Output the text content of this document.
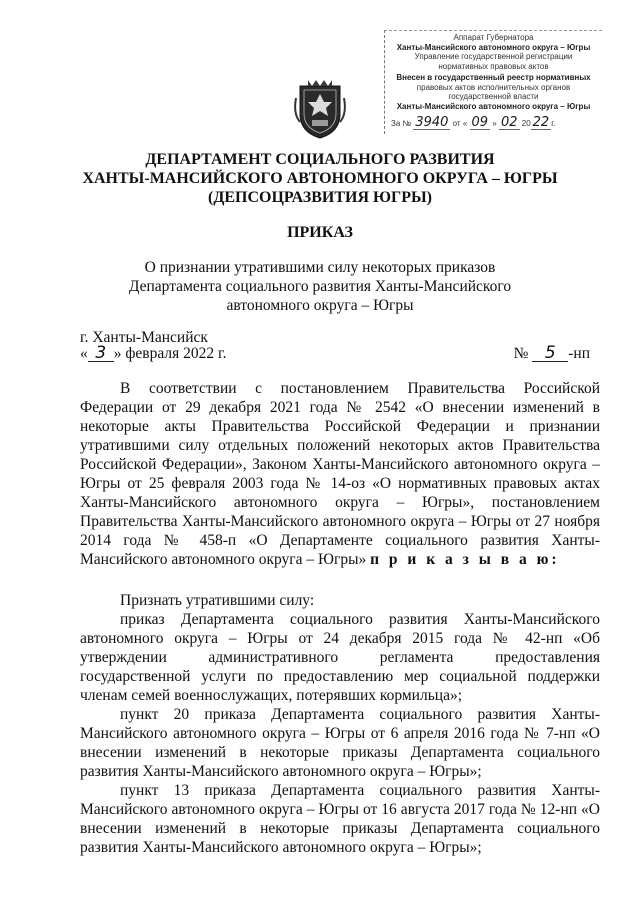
Аппарат Губернатора
Ханты-Мансийского автономного округа – Югры
Управление государственной регистрации
нормативных правовых актов
Внесен в государственный реестр нормативных
правовых актов исполнительных органов
государственной власти
Ханты-Мансийского автономного округа – Югры
За № 3940 от « 09 » 02 20 22 г.
ДЕПАРТАМЕНТ СОЦИАЛЬНОГО РАЗВИТИЯ
ХАНТЫ-МАНСИЙСКОГО АВТОНОМНОГО ОКРУГА – ЮГРЫ
(ДЕПСОЦРАЗВИТИЯ ЮГРЫ)
ПРИКАЗ
О признании утратившими силу некоторых приказов
Департамента социального развития Ханты-Мансийского
автономного округа – Югры
г. Ханты-Мансийск
« 3 » февраля 2022 г.	№ 5 -нп

В соответствии с постановлением Правительства Российской Федерации от 29 декабря 2021 года № 2542 «О внесении изменений в некоторые акты Правительства Российской Федерации и признании утратившими силу отдельных положений некоторых актов Правительства Российской Федерации», Законом Ханты-Мансийского автономного округа – Югры от 25 февраля 2003 года № 14-оз «О нормативных правовых актах Ханты-Мансийского автономного округа – Югры», постановлением Правительства Ханты-Мансийского автономного округа – Югры от 27 ноября 2014 года № 458-п «О Департаменте социального развития Ханты-Мансийского автономного округа – Югры» п р и к а з ы в а ю:

Признать утратившими силу:

приказ Департамента социального развития Ханты-Мансийского автономного округа – Югры от 24 декабря 2015 года № 42-нп «Об утверждении административного регламента предоставления государственной услуги по предоставлению мер социальной поддержки членам семей военнослужащих, потерявших кормильца»;

пункт 20 приказа Департамента социального развития Ханты-Мансийского автономного округа – Югры от 6 апреля 2016 года № 7-нп «О внесении изменений в некоторые приказы Департамента социального развития Ханты-Мансийского автономного округа – Югры»;

пункт 13 приказа Департамента социального развития Ханты-Мансийского автономного округа – Югры от 16 августа 2017 года № 12-нп «О внесении изменений в некоторые приказы Департамента социального развития Ханты-Мансийского автономного округа – Югры»;
